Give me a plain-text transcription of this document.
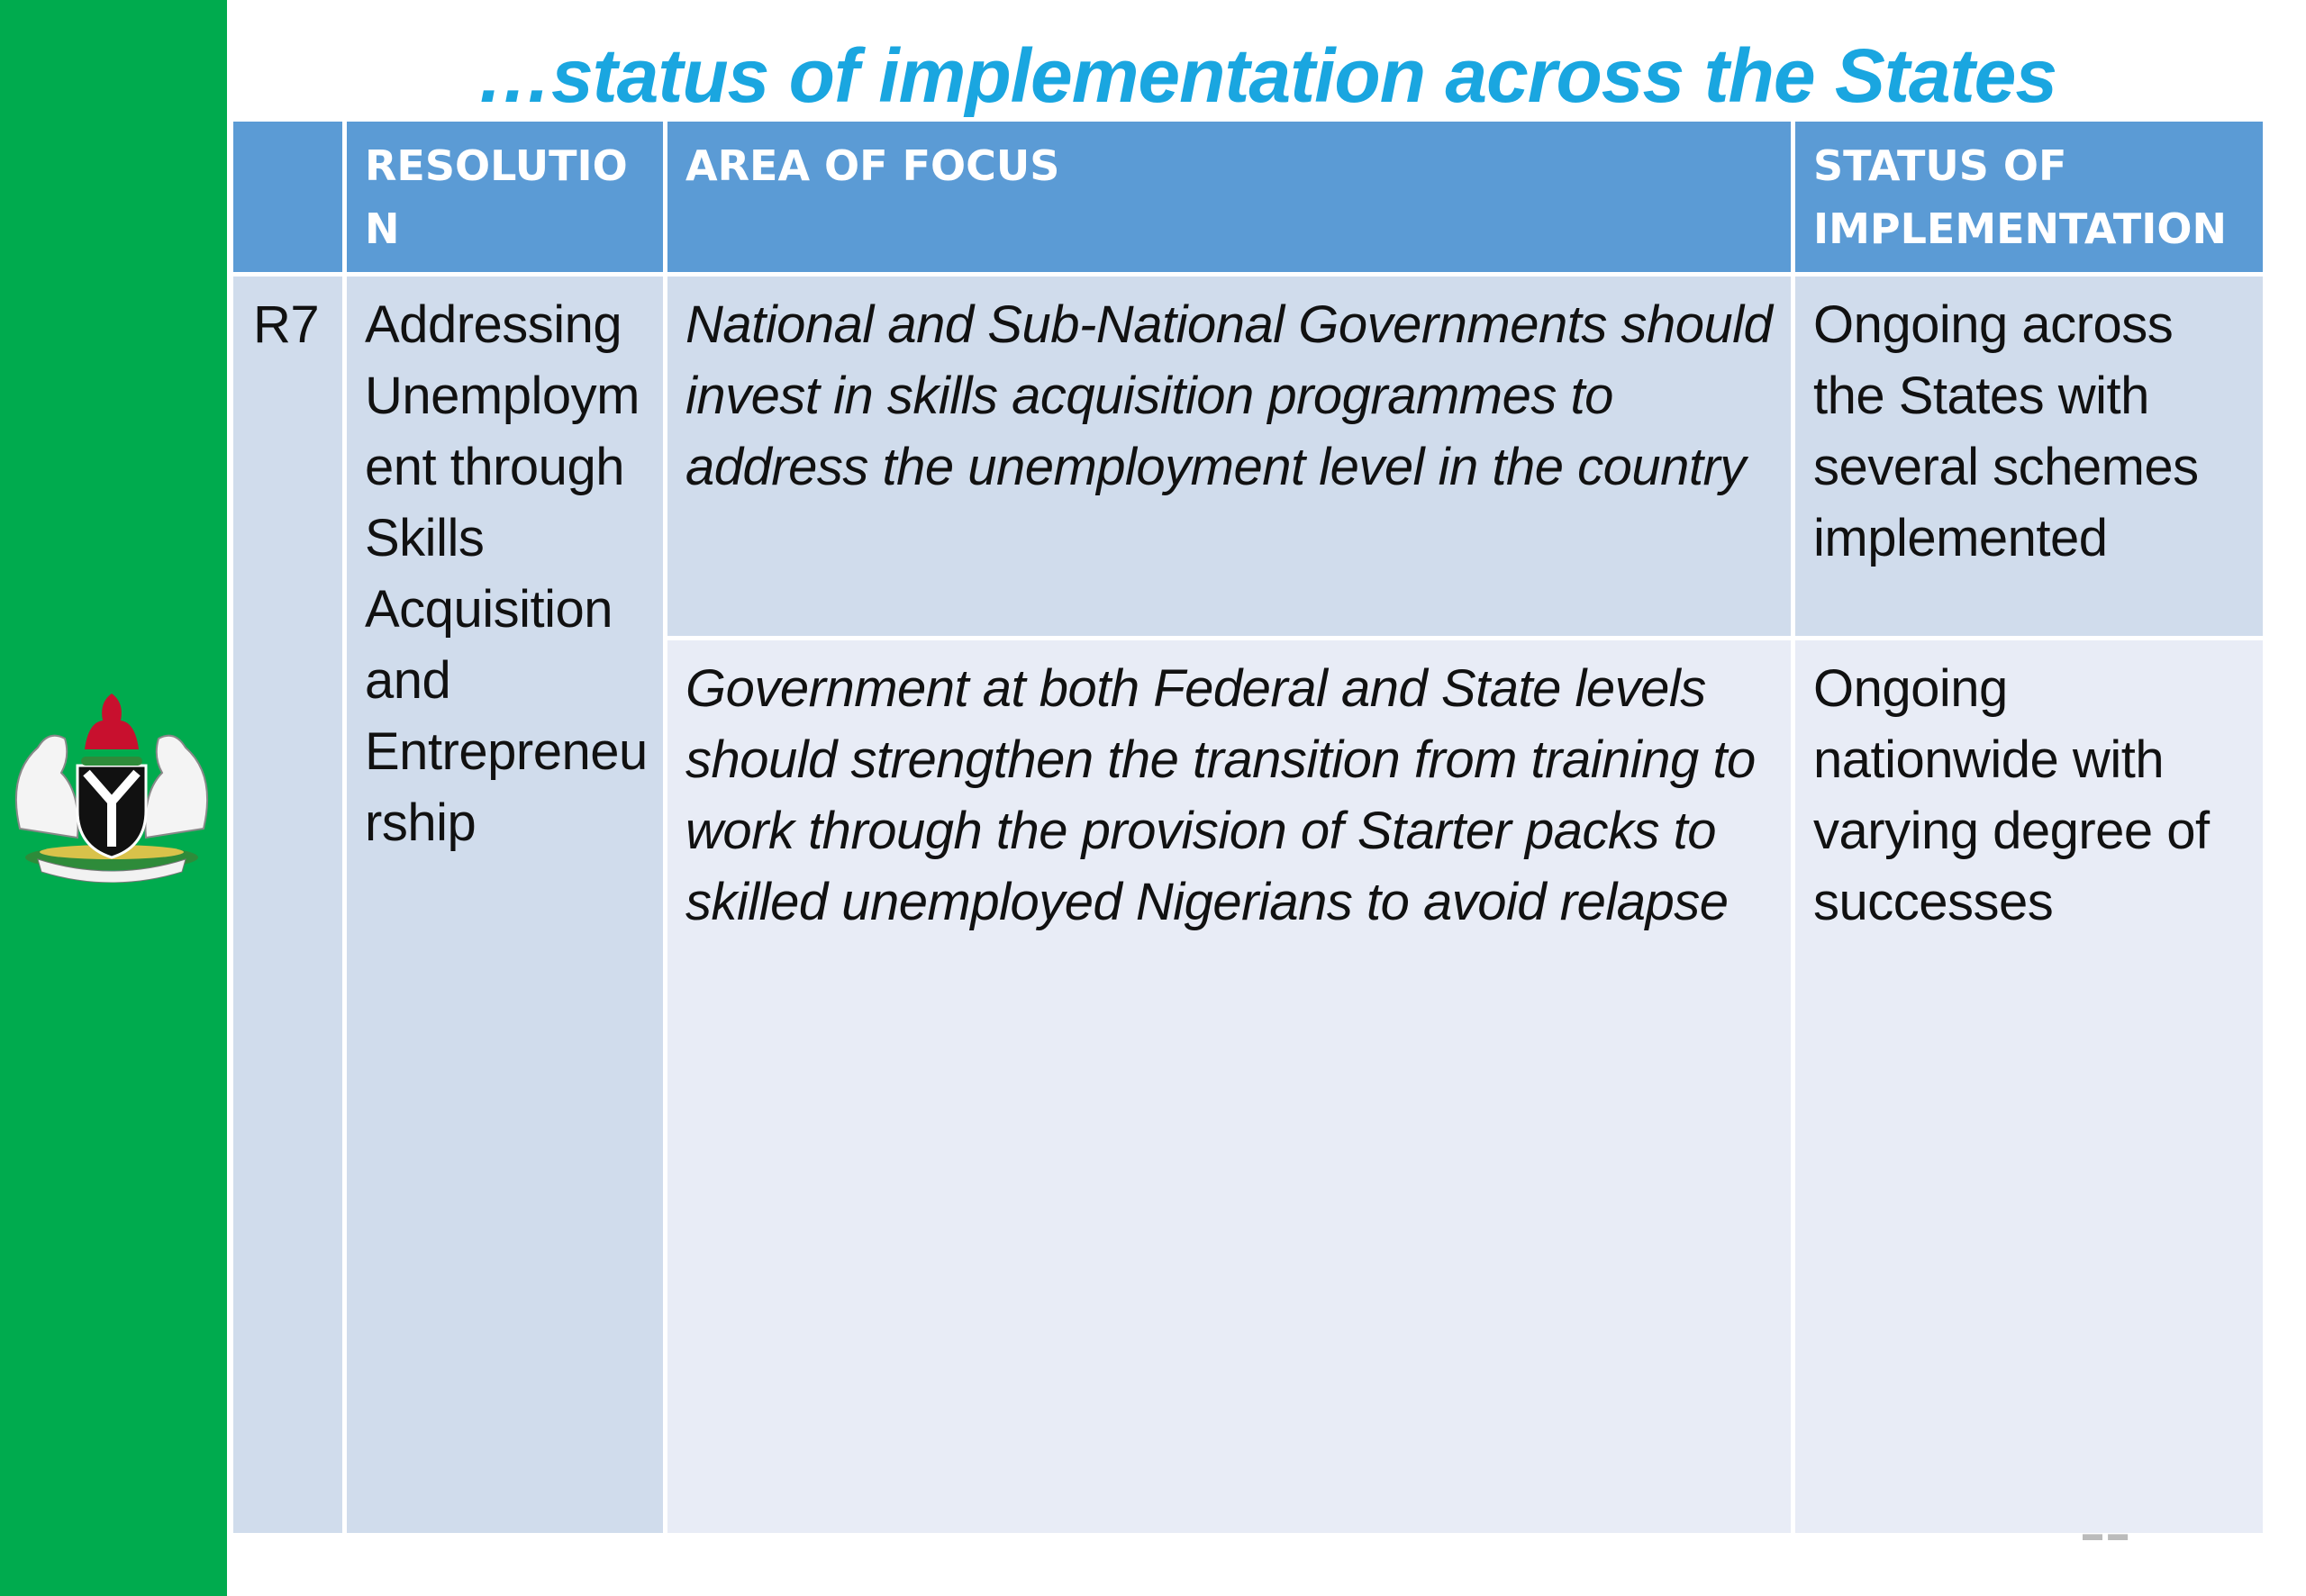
…status of implementation across the States
	RESOLUTIO N	AREA OF FOCUS	STATUS OF IMPLEMENTATION
R7	Addressing Unemploym ent through Skills Acquisition and Entrepreneu rship	National and Sub-National Governments should invest in skills acquisition programmes to address the unemployment level in the country	Ongoing across the States with several schemes implemented
		Government at both Federal and State levels should strengthen the transition from training to work through the provision of Starter packs to skilled unemployed Nigerians to avoid relapse	Ongoing nationwide with varying degree of successes
▬ ▬
